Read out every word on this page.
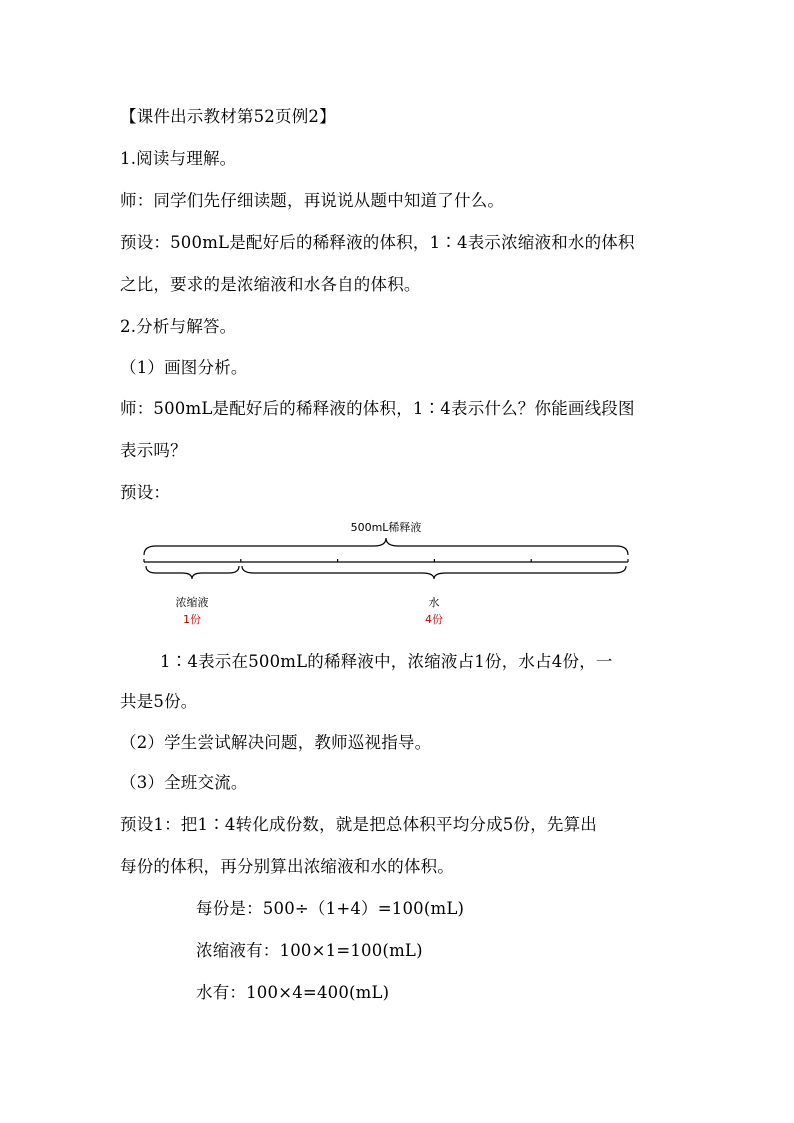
【课件出示教材第52页例2】
1.阅读与理解。
师：同学们先仔细读题，再说说从题中知道了什么。
预设：500mL是配好后的稀释液的体积，1∶4表示浓缩液和水的体积
之比，要求的是浓缩液和水各自的体积。
2.分析与解答。
（1）画图分析。
师：500mL是配好后的稀释液的体积，1∶4表示什么？你能画线段图
表示吗？
预设：
500mL稀释液
浓缩液
1份
水
4份
1∶4表示在500mL的稀释液中，浓缩液占1份，水占4份，一
共是5份。
（2）学生尝试解决问题，教师巡视指导。
（3）全班交流。
预设1：把1∶4转化成份数，就是把总体积平均分成5份，先算出
每份的体积，再分别算出浓缩液和水的体积。
每份是：500÷（1+4）=100(mL)
浓缩液有：100×1=100(mL)
水有：100×4=400(mL)
